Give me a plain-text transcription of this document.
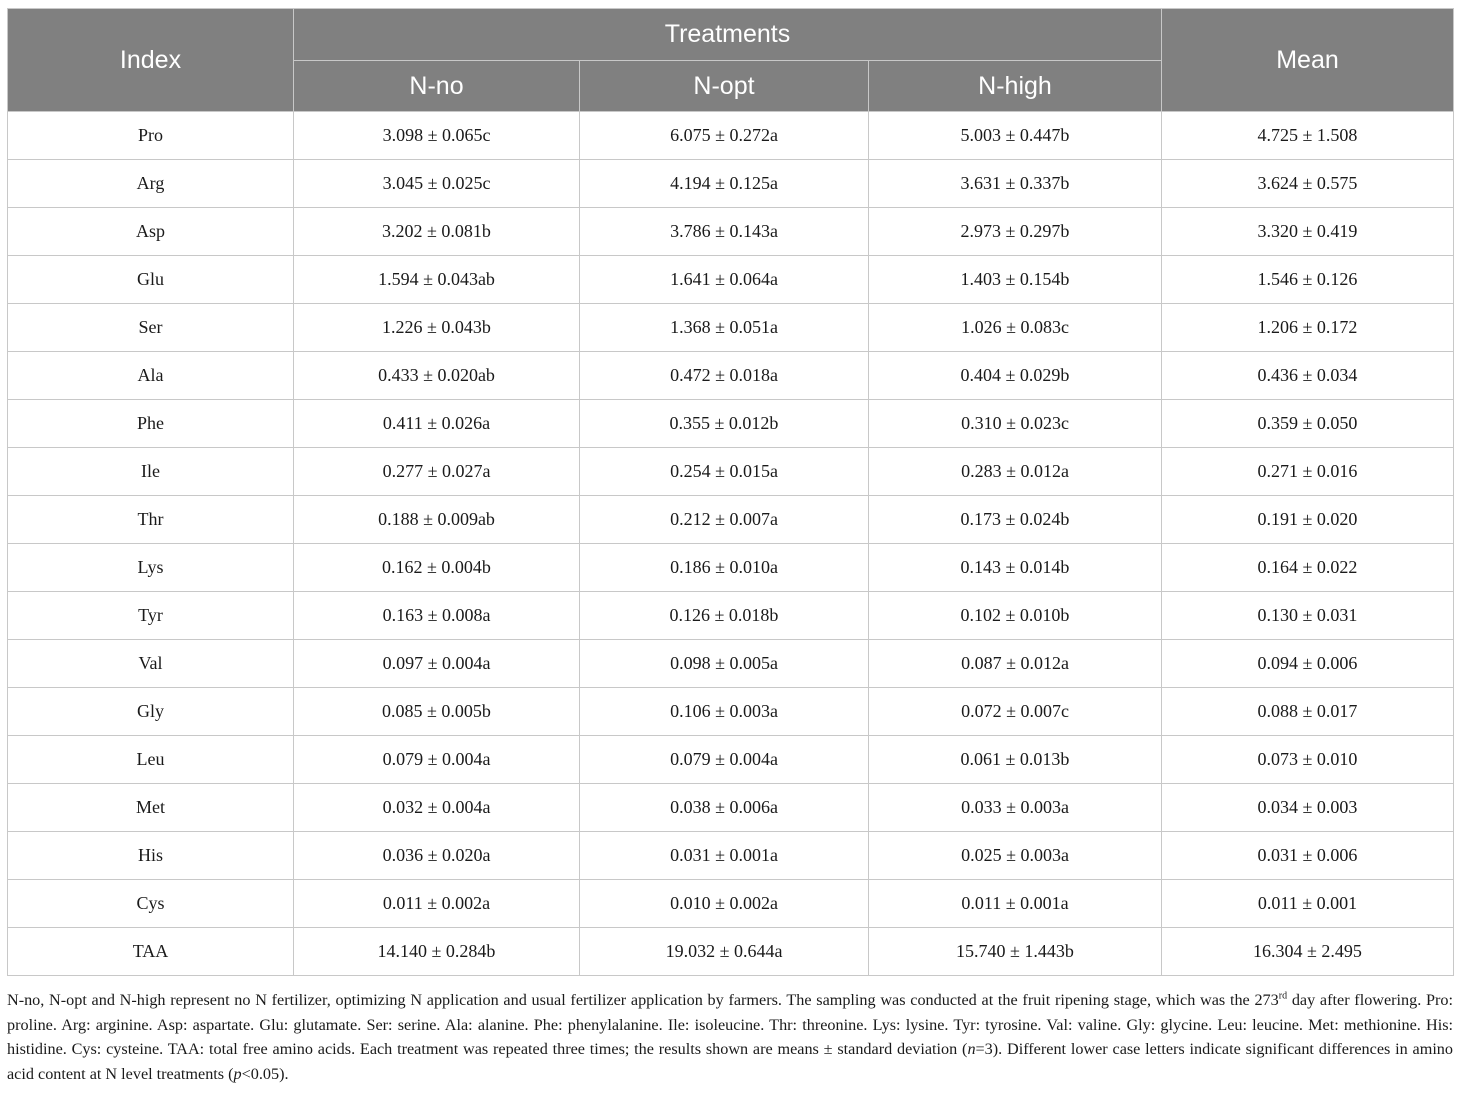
Index	Treatments			Mean
	N-no	N-opt	N-high	
Pro	3.098 ± 0.065c	6.075 ± 0.272a	5.003 ± 0.447b	4.725 ± 1.508
Arg	3.045 ± 0.025c	4.194 ± 0.125a	3.631 ± 0.337b	3.624 ± 0.575
Asp	3.202 ± 0.081b	3.786 ± 0.143a	2.973 ± 0.297b	3.320 ± 0.419
Glu	1.594 ± 0.043ab	1.641 ± 0.064a	1.403 ± 0.154b	1.546 ± 0.126
Ser	1.226 ± 0.043b	1.368 ± 0.051a	1.026 ± 0.083c	1.206 ± 0.172
Ala	0.433 ± 0.020ab	0.472 ± 0.018a	0.404 ± 0.029b	0.436 ± 0.034
Phe	0.411 ± 0.026a	0.355 ± 0.012b	0.310 ± 0.023c	0.359 ± 0.050
Ile	0.277 ± 0.027a	0.254 ± 0.015a	0.283 ± 0.012a	0.271 ± 0.016
Thr	0.188 ± 0.009ab	0.212 ± 0.007a	0.173 ± 0.024b	0.191 ± 0.020
Lys	0.162 ± 0.004b	0.186 ± 0.010a	0.143 ± 0.014b	0.164 ± 0.022
Tyr	0.163 ± 0.008a	0.126 ± 0.018b	0.102 ± 0.010b	0.130 ± 0.031
Val	0.097 ± 0.004a	0.098 ± 0.005a	0.087 ± 0.012a	0.094 ± 0.006
Gly	0.085 ± 0.005b	0.106 ± 0.003a	0.072 ± 0.007c	0.088 ± 0.017
Leu	0.079 ± 0.004a	0.079 ± 0.004a	0.061 ± 0.013b	0.073 ± 0.010
Met	0.032 ± 0.004a	0.038 ± 0.006a	0.033 ± 0.003a	0.034 ± 0.003
His	0.036 ± 0.020a	0.031 ± 0.001a	0.025 ± 0.003a	0.031 ± 0.006
Cys	0.011 ± 0.002a	0.010 ± 0.002a	0.011 ± 0.001a	0.011 ± 0.001
TAA	14.140 ± 0.284b	19.032 ± 0.644a	15.740 ± 1.443b	16.304 ± 2.495
N-no, N-opt and N-high represent no N fertilizer, optimizing N application and usual fertilizer application by farmers. The sampling was conducted at the fruit ripening stage, which was the 273rd day after flowering. Pro: proline. Arg: arginine. Asp: aspartate. Glu: glutamate. Ser: serine. Ala: alanine. Phe: phenylalanine. Ile: isoleucine. Thr: threonine. Lys: lysine. Tyr: tyrosine. Val: valine. Gly: glycine. Leu: leucine. Met: methionine. His: histidine. Cys: cysteine. TAA: total free amino acids. Each treatment was repeated three times; the results shown are means ± standard deviation (n=3). Different lower case letters indicate significant differences in amino acid content at N level treatments (p<0.05).
